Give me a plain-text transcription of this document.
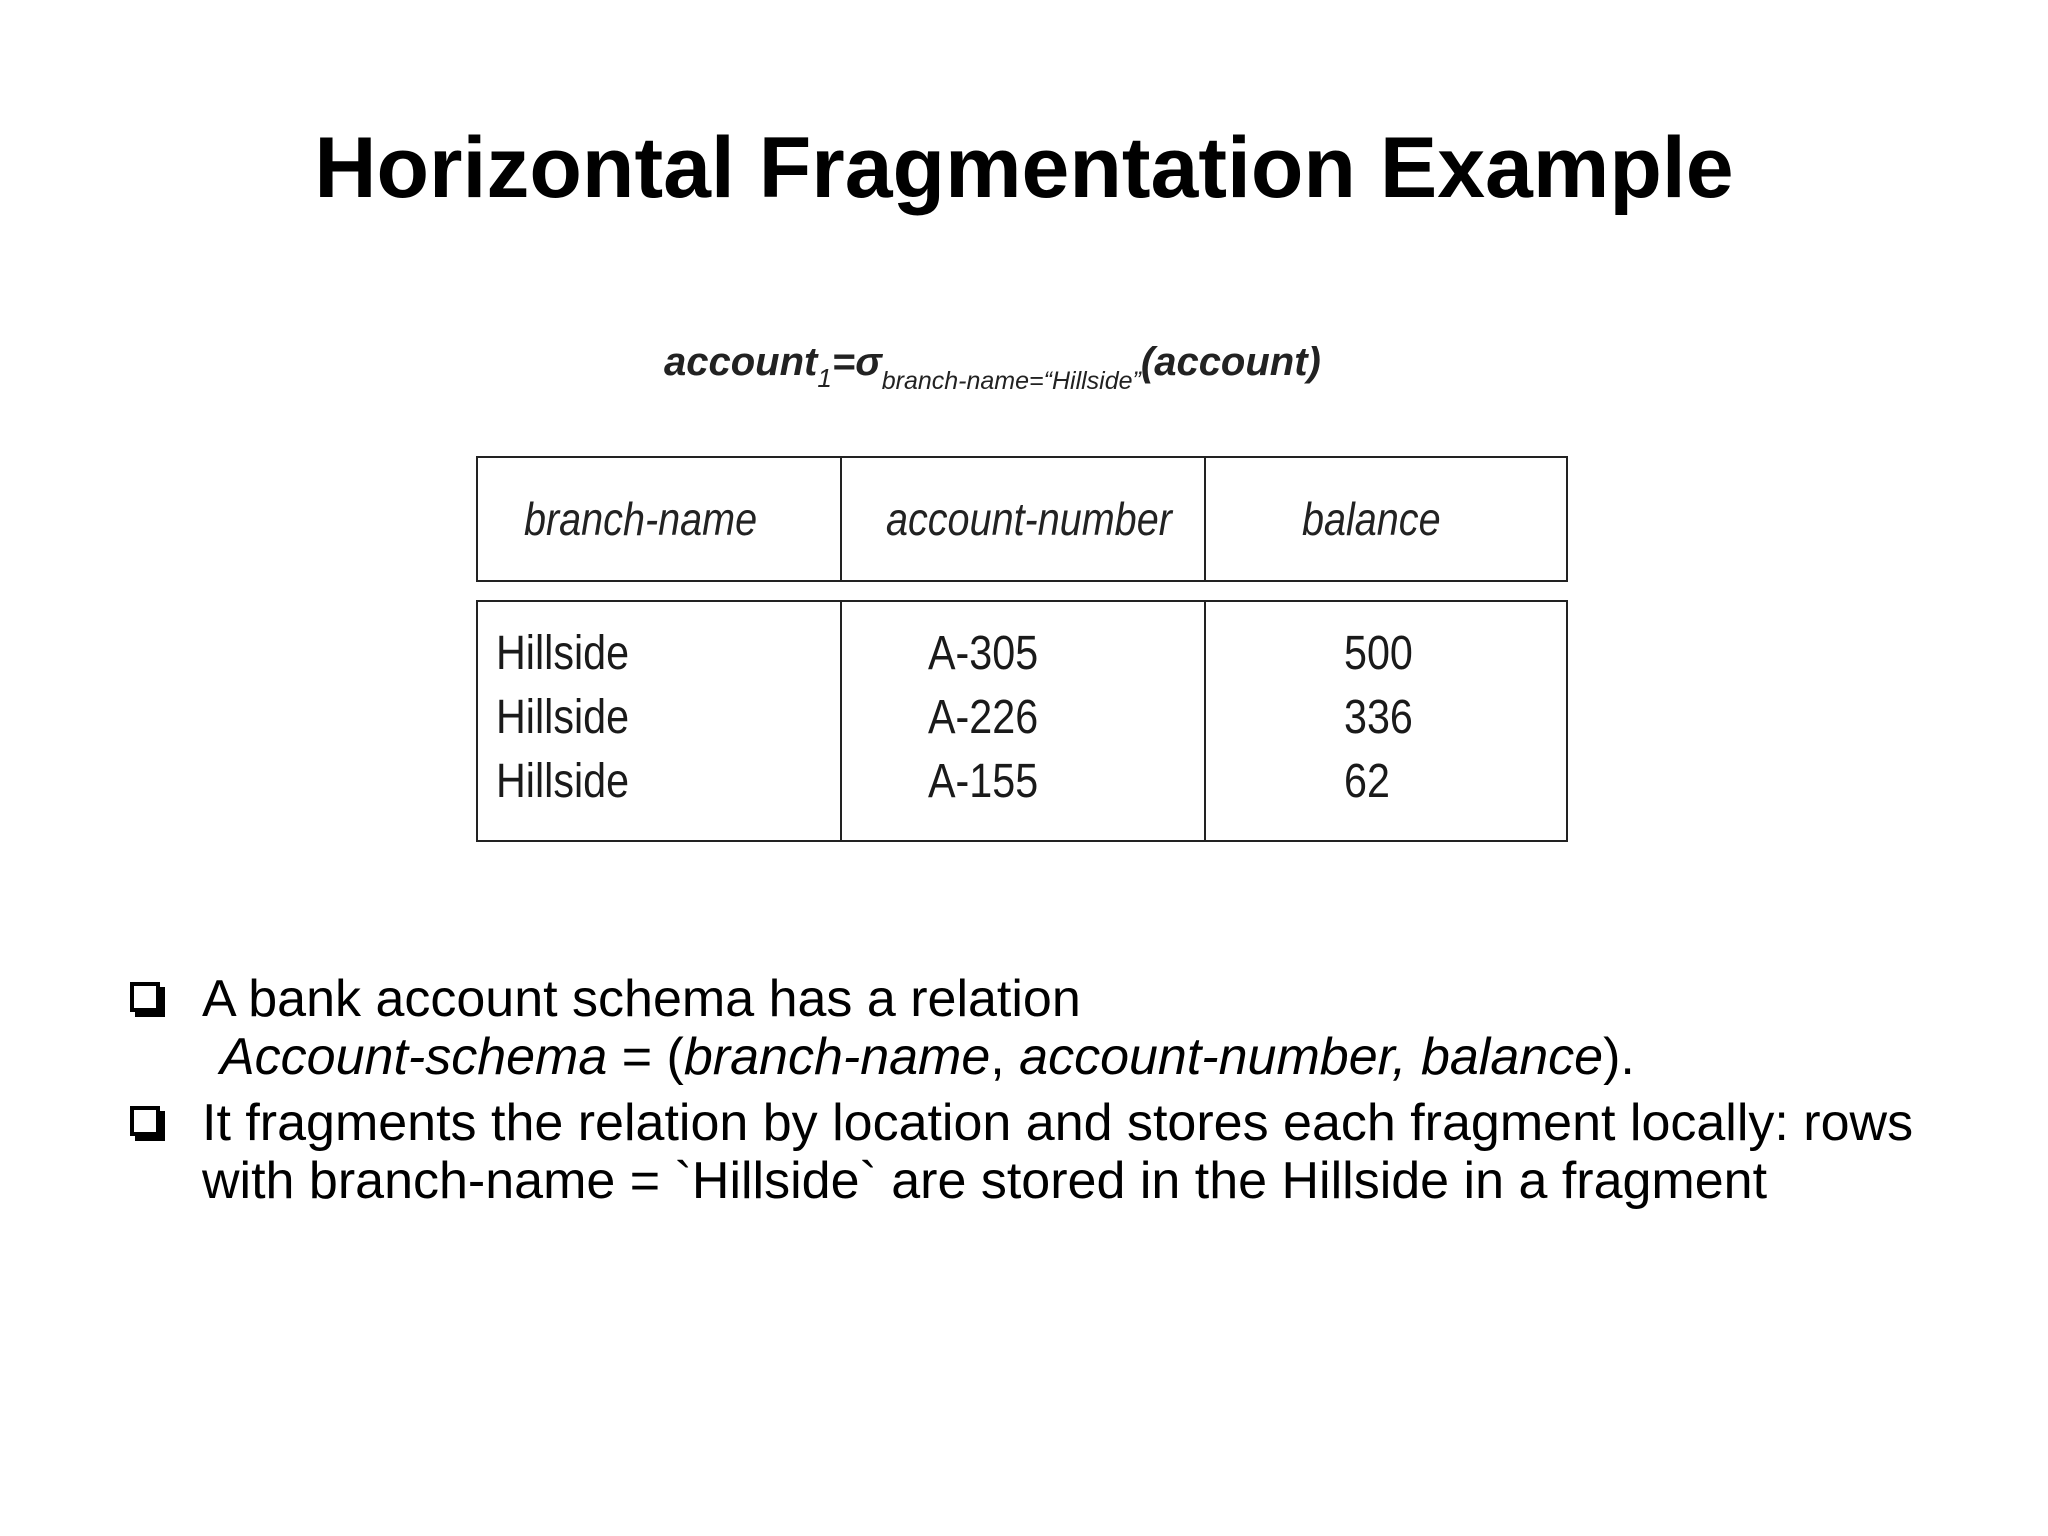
Horizontal Fragmentation Example
$account_1=\sigma_{branch-name=“Hillside”}(account)$
branch-name	account-number	balance
Hillside
Hillside
Hillside
A-305
A-226
A-155
500
336
62
A bank account schema has a relation
Account-schema = (branch-name, account-number, balance).
It fragments the relation by location and stores each fragment locally: rows with branch-name = `Hillside` are stored in the Hillside in a fragment
